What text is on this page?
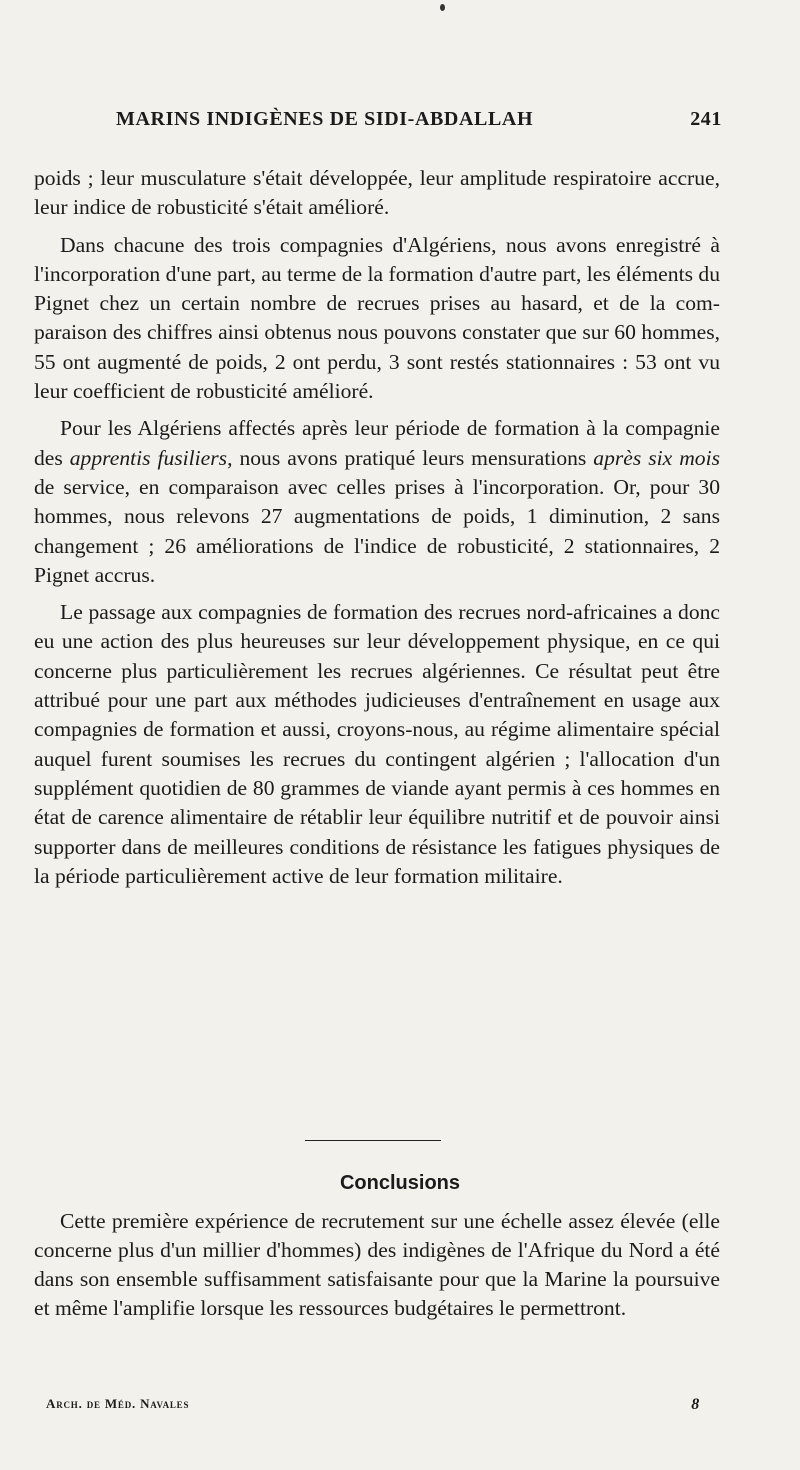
MARINS INDIGÈNES DE SIDI-ABDALLAH	241

poids ; leur musculature s'était développée, leur amplitude respiratoire accrue, leur indice de robusticité s'était amélioré.

Dans chacune des trois compagnies d'Algériens, nous avons enregistré à l'incorporation d'une part, au terme de la formation d'autre part, les éléments du Pignet chez un certain nombre de recrues prises au hasard, et de la comparaison des chiffres ainsi obtenus nous pouvons constater que sur 60 hommes, 55 ont augmenté de poids, 2 ont perdu, 3 sont restés stationnaires : 53 ont vu leur coefficient de robusticité amélioré.

Pour les Algériens affectés après leur période de formation à la compagnie des apprentis fusiliers, nous avons pratiqué leurs mensurations après six mois de service, en comparaison avec celles prises à l'incorporation. Or, pour 30 hommes, nous relevons 27 augmentations de poids, 1 diminution, 2 sans changement ; 26 améliorations de l'indice de robusticité, 2 stationnaires, 2 Pignet accrus.

Le passage aux compagnies de formation des recrues nord-africaines a donc eu une action des plus heureuses sur leur développement physique, en ce qui concerne plus particulièrement les recrues algériennes. Ce résultat peut être attribué pour une part aux méthodes judicieuses d'entraînement en usage aux compagnies de formation et aussi, croyons-nous, au régime alimentaire spécial auquel furent soumises les recrues du contingent algérien ; l'allocation d'un supplément quotidien de 80 grammes de viande ayant permis à ces hommes en état de carence alimentaire de rétablir leur équilibre nutritif et de pouvoir ainsi supporter dans de meilleures conditions de résistance les fatigues physiques de la période particulièrement active de leur formation militaire.

Conclusions

Cette première expérience de recrutement sur une échelle assez élevée (elle concerne plus d'un millier d'hommes) des indigènes de l'Afrique du Nord a été dans son ensemble suffisamment satisfaisante pour que la Marine la poursuive et même l'amplifie lorsque les ressources budgétaires le permettront.

Arch. de Méd. Navales	8
